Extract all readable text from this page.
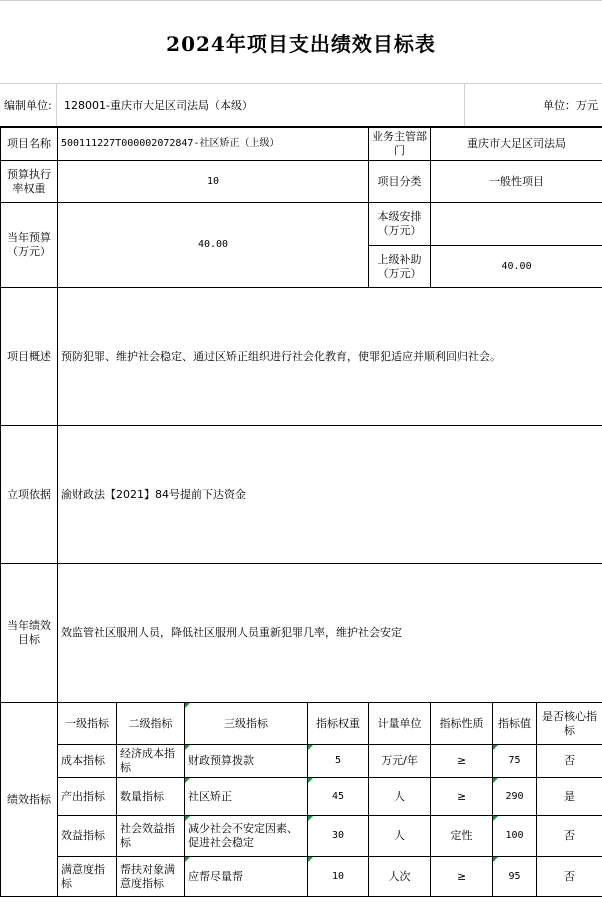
2024年项目支出绩效目标表
编制单位:	128001-重庆市大足区司法局（本级）	单位：万元
项目名称	500111227T000002072847-社区矫正（上级）				业务主管部门	重庆市大足区司法局		
预算执行率权重	10				项目分类	一般性项目		
当年预算（万元）	40.00				本级安排（万元）			
					上级补助（万元）	40.00		
项目概述	预防犯罪、维护社会稳定、通过区矫正组织进行社会化教育，使罪犯适应并顺利回归社会。							
立项依据	渝财政法【2021】84号提前下达资金							
当年绩效目标	效监管社区服刑人员，降低社区服刑人员重新犯罪几率，维护社会安定							
绩效指标	一级指标	二级指标	三级指标	指标权重	计量单位	指标性质	指标值	是否核心指标
	成本指标	经济成本指标	财政预算拨款	5	万元/年	≥	75	否
	产出指标	数量指标	社区矫正	45	人	≥	290	是
	效益指标	社会效益指标	减少社会不安定因素、促进社会稳定	30	人	定性	100	否
	满意度指标	帮扶对象满意度指标	应帮尽量帮	10	人次	≥	95	否
